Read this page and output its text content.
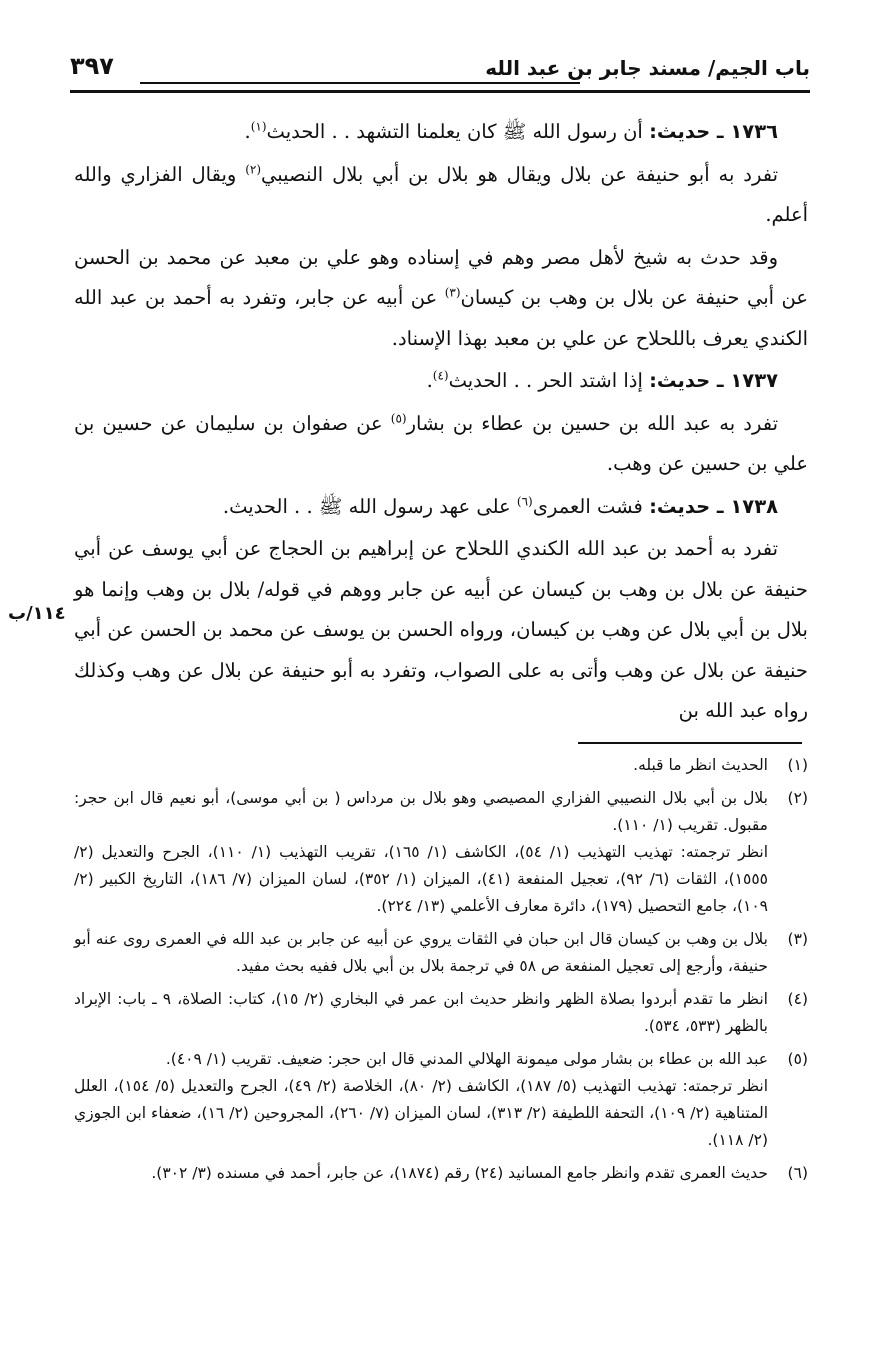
باب الجيم/ مسند جابر بن عبد الله
٣٩٧

١٧٣٦ ـ حديث: أن رسول الله ﷺ كان يعلمنا التشهد . . الحديث$^{(١)}$.

تفرد به أبو حنيفة عن بلال ويقال هو بلال بن أبي بلال النصيبي$^{(٢)}$ ويقال الفزاري والله أعلم.

وقد حدث به شيخ لأهل مصر وهم في إسناده وهو علي بن معبد عن محمد بن الحسن عن أبي حنيفة عن بلال بن وهب بن كيسان$^{(٣)}$ عن أبيه عن جابر، وتفرد به أحمد بن عبد الله الكندي يعرف باللحلاح عن علي بن معبد بهذا الإسناد.

١٧٣٧ ـ حديث: إذا اشتد الحر . . الحديث$^{(٤)}$.

تفرد به عبد الله بن حسين بن عطاء بن بشار$^{(٥)}$ عن صفوان بن سليمان عن حسين بن علي بن حسين عن وهب.

١٧٣٨ ـ حديث: فشت العمرى$^{(٦)}$ على عهد رسول الله ﷺ . . الحديث.

تفرد به أحمد بن عبد الله الكندي اللحلاح عن إبراهيم بن الحجاج عن أبي يوسف عن أبي حنيفة عن بلال بن وهب بن كيسان عن أبيه عن جابر ووهم في قوله/ بلال بن وهب وإنما هو بلال بن أبي بلال عن وهب بن كيسان، ورواه الحسن بن يوسف عن محمد بن الحسن عن أبي حنيفة عن بلال عن وهب وأتى به على الصواب، وتفرد به أبو حنيفة عن بلال عن وهب وكذلك رواه عبد الله بن

١١٤/ب
(١)

الحديث انظر ما قبله.

(٢)

بلال بن أبي بلال النصيبي الفزاري المصيصي وهو بلال بن مرداس ( بن أبي موسى)، أبو نعيم قال ابن حجر: مقبول. تقريب (١/ ١١٠).

انظر ترجمته: تهذيب التهذيب (١/ ٥٤)، الكاشف (١/ ١٦٥)، تقريب التهذيب (١/ ١١٠)، الجرح والتعديل (٢/ ١٥٥٥)، الثقات (٦/ ٩٢)، تعجيل المنفعة (٤١)، الميزان (١/ ٣٥٢)، لسان الميزان (٧/ ١٨٦)، التاريخ الكبير (٢/ ١٠٩)، جامع التحصيل (١٧٩)، دائرة معارف الأعلمي (١٣/ ٢٢٤).

(٣)

بلال بن وهب بن كيسان قال ابن حبان في الثقات يروي عن أبيه عن جابر بن عبد الله في العمرى روى عنه أبو حنيفة، وأرجع إلى تعجيل المنفعة ص ٥٨ في ترجمة بلال بن أبي بلال ففيه بحث مفيد.

(٤)

انظر ما تقدم أبردوا بصلاة الظهر وانظر حديث ابن عمر في البخاري (٢/ ١٥)، كتاب: الصلاة، ٩ ـ باب: الإبراد بالظهر (٥٣٣، ٥٣٤).

(٥)

عبد الله بن عطاء بن بشار مولى ميمونة الهلالي المدني قال ابن حجر: ضعيف. تقريب (١/ ٤٠٩).

انظر ترجمته: تهذيب التهذيب (٥/ ١٨٧)، الكاشف (٢/ ٨٠)، الخلاصة (٢/ ٤٩)، الجرح والتعديل (٥/ ١٥٤)، العلل المتناهية (٢/ ١٠٩)، التحفة اللطيفة (٢/ ٣١٣)، لسان الميزان (٧/ ٢٦٠)، المجروحين (٢/ ١٦)، ضعفاء ابن الجوزي (٢/ ١١٨).

(٦)

حديث العمرى تقدم وانظر جامع المسانيد (٢٤) رقم (١٨٧٤)، عن جابر، أحمد في مسنده (٣/ ٣٠٢).
